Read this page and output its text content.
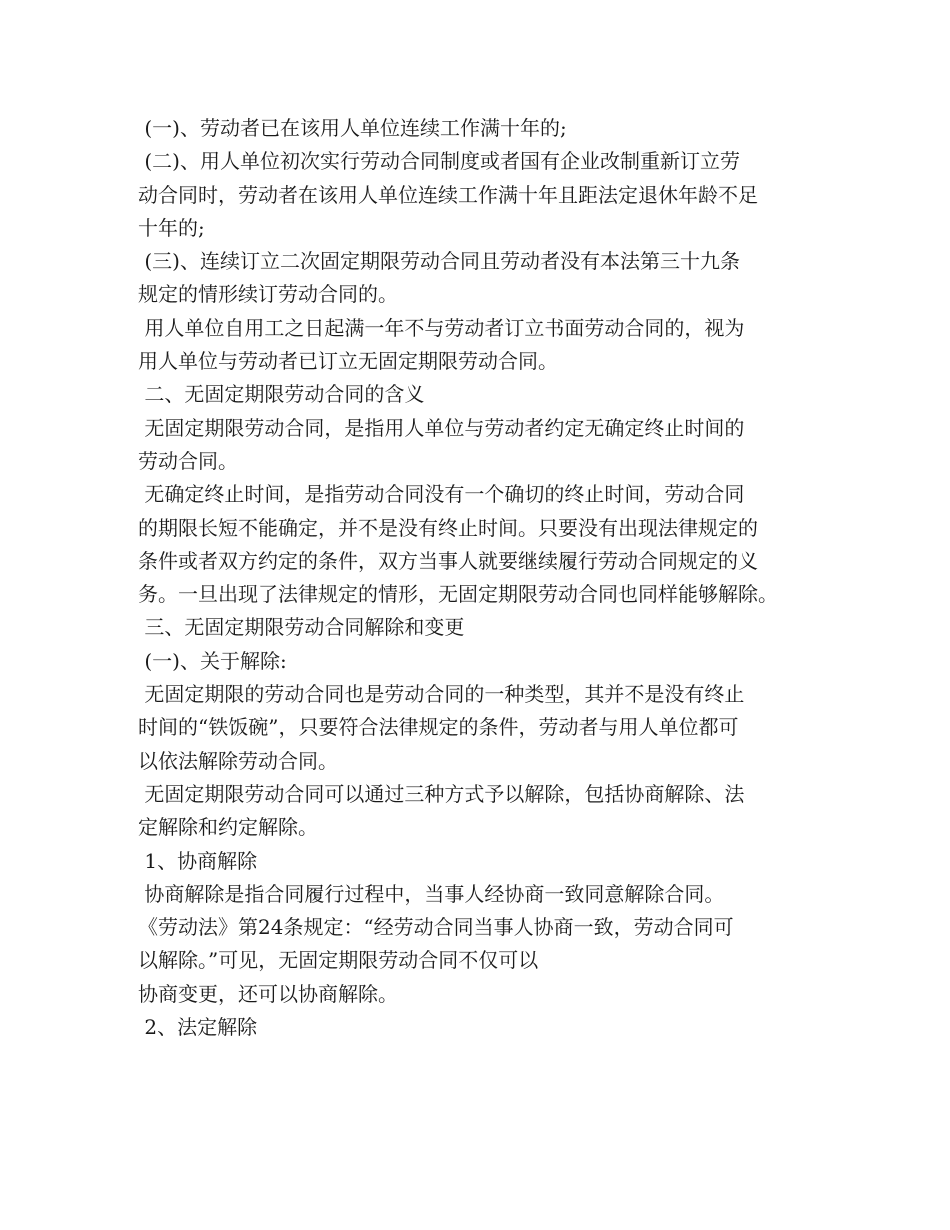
(一)、劳动者已在该用人单位连续工作满十年的;
(二)、用人单位初次实行劳动合同制度或者国有企业改制重新订立劳
动合同时，劳动者在该用人单位连续工作满十年且距法定退休年龄不足
十年的;
(三)、连续订立二次固定期限劳动合同且劳动者没有本法第三十九条
规定的情形续订劳动合同的。
用人单位自用工之日起满一年不与劳动者订立书面劳动合同的，视为
用人单位与劳动者已订立无固定期限劳动合同。
二、无固定期限劳动合同的含义
无固定期限劳动合同，是指用人单位与劳动者约定无确定终止时间的
劳动合同。
无确定终止时间，是指劳动合同没有一个确切的终止时间，劳动合同
的期限长短不能确定，并不是没有终止时间。只要没有出现法律规定的
条件或者双方约定的条件，双方当事人就要继续履行劳动合同规定的义
务。一旦出现了法律规定的情形，无固定期限劳动合同也同样能够解除。
三、无固定期限劳动合同解除和变更
(一)、关于解除:
无固定期限的劳动合同也是劳动合同的一种类型，其并不是没有终止
时间的“铁饭碗”，只要符合法律规定的条件，劳动者与用人单位都可
以依法解除劳动合同。
无固定期限劳动合同可以通过三种方式予以解除，包括协商解除、法
定解除和约定解除。
1、协商解除
协商解除是指合同履行过程中，当事人经协商一致同意解除合同。
《劳动法》第24条规定：“经劳动合同当事人协商一致，劳动合同可
以解除。”可见，无固定期限劳动合同不仅可以
协商变更，还可以协商解除。
2、法定解除
